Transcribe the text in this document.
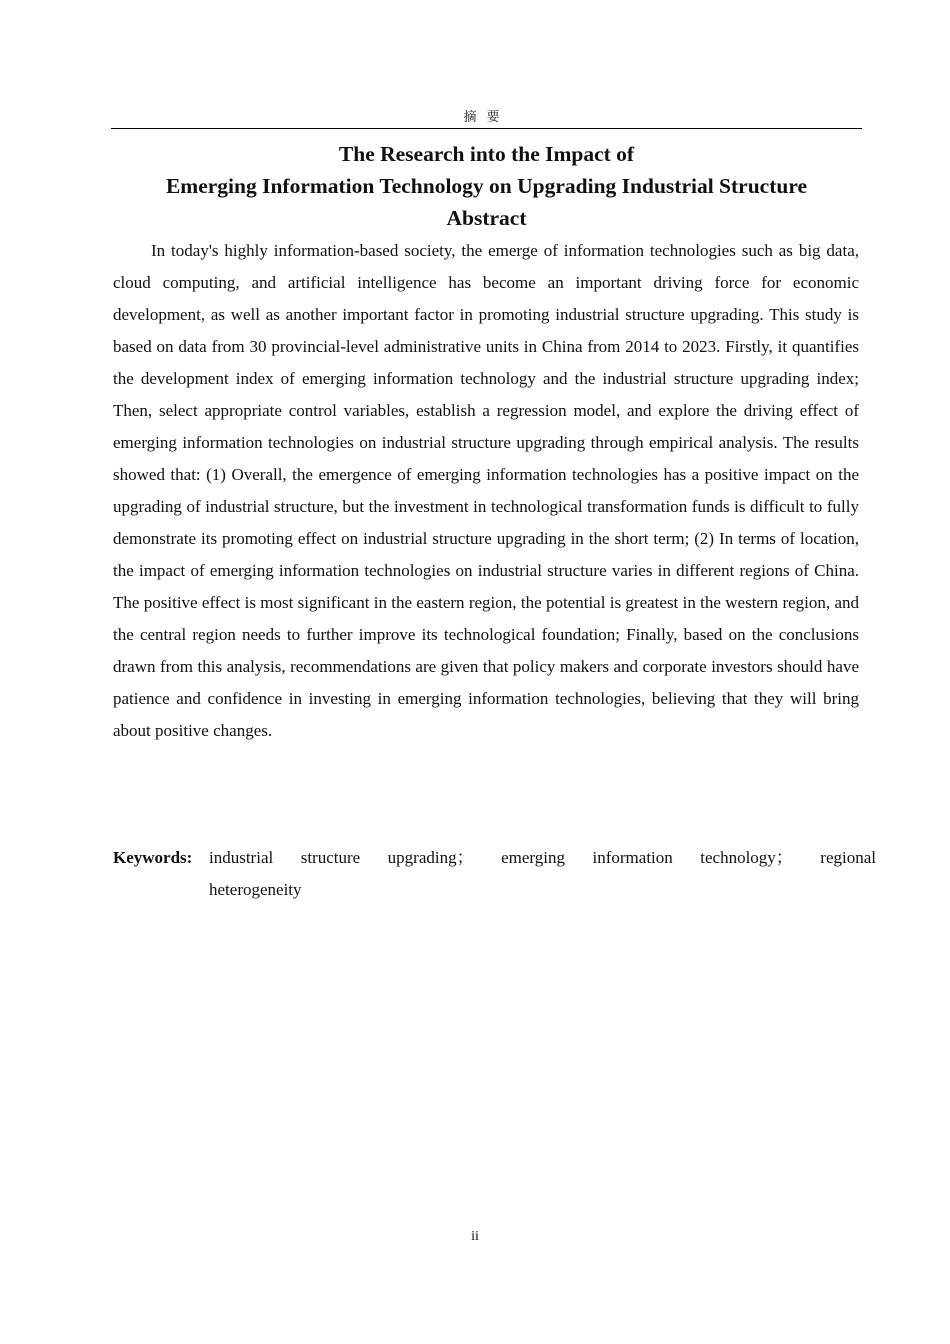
摘要
The Research into the Impact of
Emerging Information Technology on Upgrading Industrial Structure
Abstract

In today's highly information-based society, the emerge of information technologies such as big data, cloud computing, and artificial intelligence has become an important driving force for economic development, as well as another important factor in promoting industrial structure upgrading. This study is based on data from 30 provincial-level administrative units in China from 2014 to 2023. Firstly, it quantifies the development index of emerging information technology and the industrial structure upgrading index; Then, select appropriate control variables, establish a regression model, and explore the driving effect of emerging information technologies on industrial structure upgrading through empirical analysis. The results showed that: (1) Overall, the emergence of emerging information technologies has a positive impact on the upgrading of industrial structure, but the investment in technological transformation funds is difficult to fully demonstrate its promoting effect on industrial structure upgrading in the short term; (2) In terms of location, the impact of emerging information technologies on industrial structure varies in different regions of China. The positive effect is most significant in the eastern region, the potential is greatest in the western region, and the central region needs to further improve its technological foundation; Finally, based on the conclusions drawn from this analysis, recommendations are given that policy makers and corporate investors should have patience and confidence in investing in emerging information technologies, believing that they will bring about positive changes.

Keywords: industrial structure upgrading； emerging information technology； regional
heterogeneity
ii
